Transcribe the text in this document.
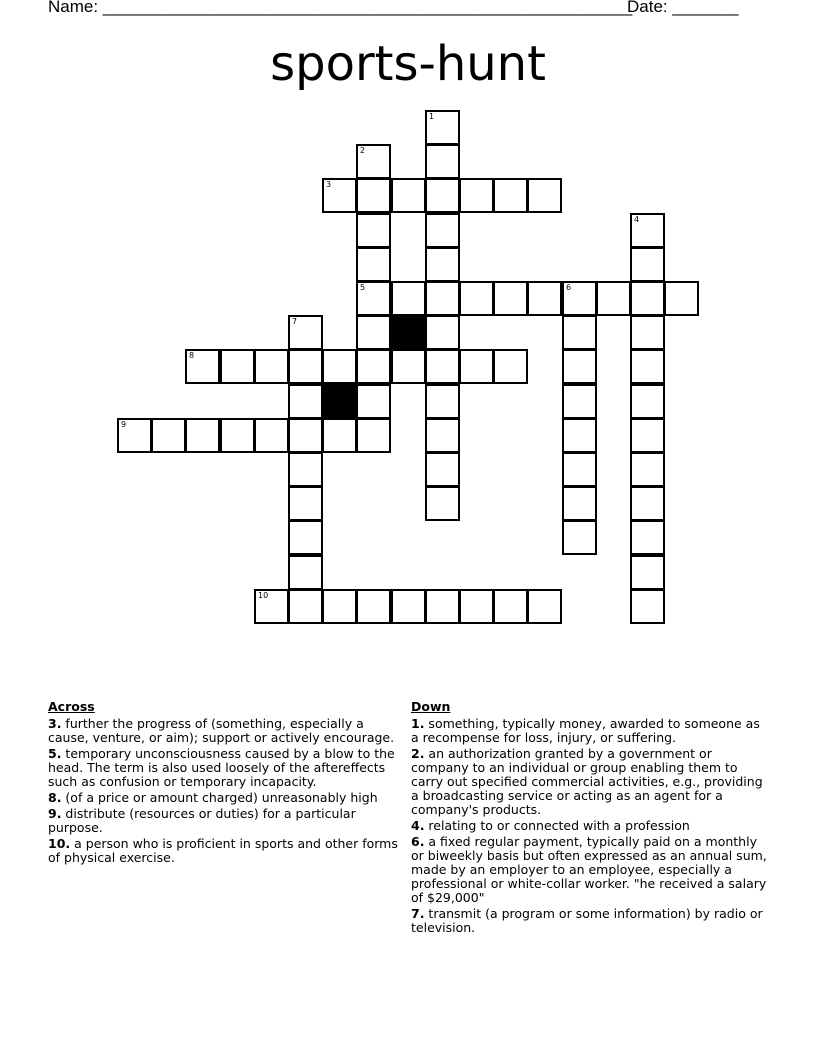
Name: ________________________________________________________
Date: _______
sports-hunt
1
2
3
4
5	6
7
8
9
10
Across
3. further the progress of (something, especially a cause, venture, or aim); support or actively encourage.
5. temporary unconsciousness caused by a blow to the head. The term is also used loosely of the aftereffects such as confusion or temporary incapacity.
8. (of a price or amount charged) unreasonably high
9. distribute (resources or duties) for a particular purpose.
10. a person who is proficient in sports and other forms of physical exercise.
Down
1. something, typically money, awarded to someone as a recompense for loss, injury, or suffering.
2. an authorization granted by a government or company to an individual or group enabling them to carry out specified commercial activities, e.g., providing a broadcasting service or acting as an agent for a company's products.
4. relating to or connected with a profession
6. a fixed regular payment, typically paid on a monthly or biweekly basis but often expressed as an annual sum, made by an employer to an employee, especially a professional or white-collar worker. "he received a salary of $29,000"
7. transmit (a program or some information) by radio or television.
